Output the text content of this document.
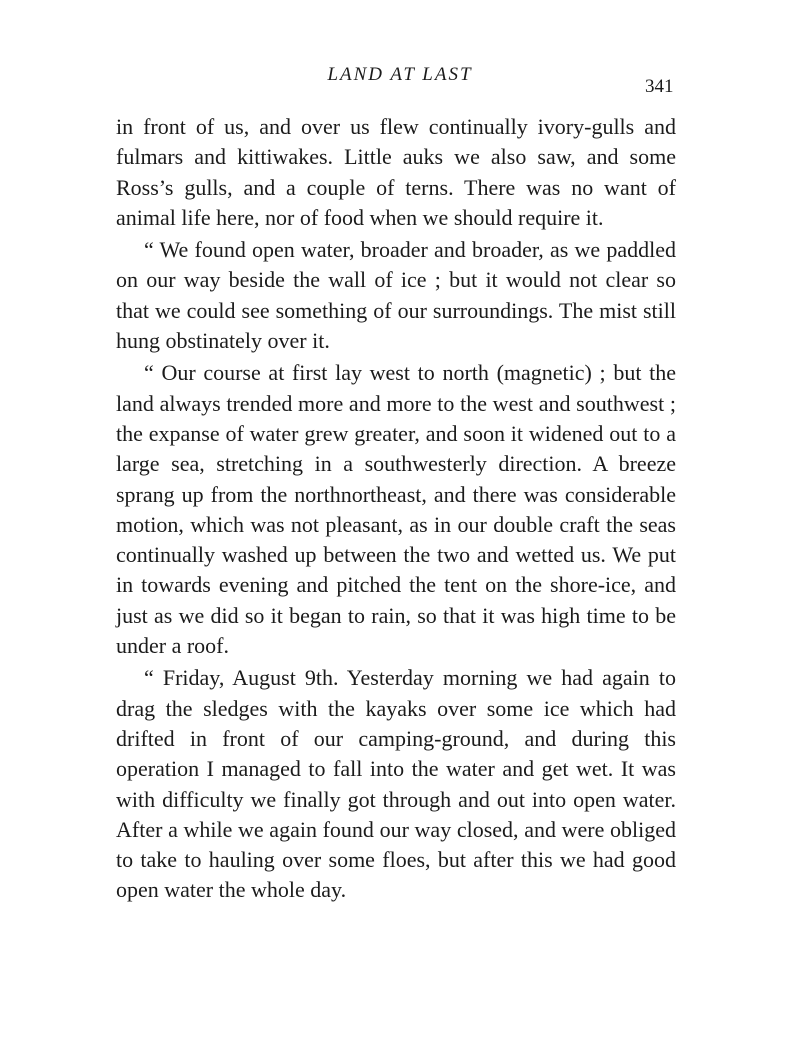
LAND AT LAST
341

in front of us, and over us flew continually ivory-gulls and fulmars and kittiwakes. Little auks we also saw, and some Ross’s gulls, and a couple of terns. There was no want of animal life here, nor of food when we should require it.

“ We found open water, broader and broader, as we paddled on our way beside the wall of ice ; but it would not clear so that we could see something of our surroundings. The mist still hung obstinately over it.

“ Our course at first lay west to north (magnetic) ; but the land always trended more and more to the west and southwest ; the expanse of water grew greater, and soon it widened out to a large sea, stretching in a southwesterly direction. A breeze sprang up from the northnortheast, and there was considerable motion, which was not pleasant, as in our double craft the seas continually washed up between the two and wetted us. We put in towards evening and pitched the tent on the shore-ice, and just as we did so it began to rain, so that it was high time to be under a roof.

“ Friday, August 9th. Yesterday morning we had again to drag the sledges with the kayaks over some ice which had drifted in front of our camping-ground, and during this operation I managed to fall into the water and get wet. It was with difficulty we finally got through and out into open water. After a while we again found our way closed, and were obliged to take to hauling over some floes, but after this we had good open water the whole day.
